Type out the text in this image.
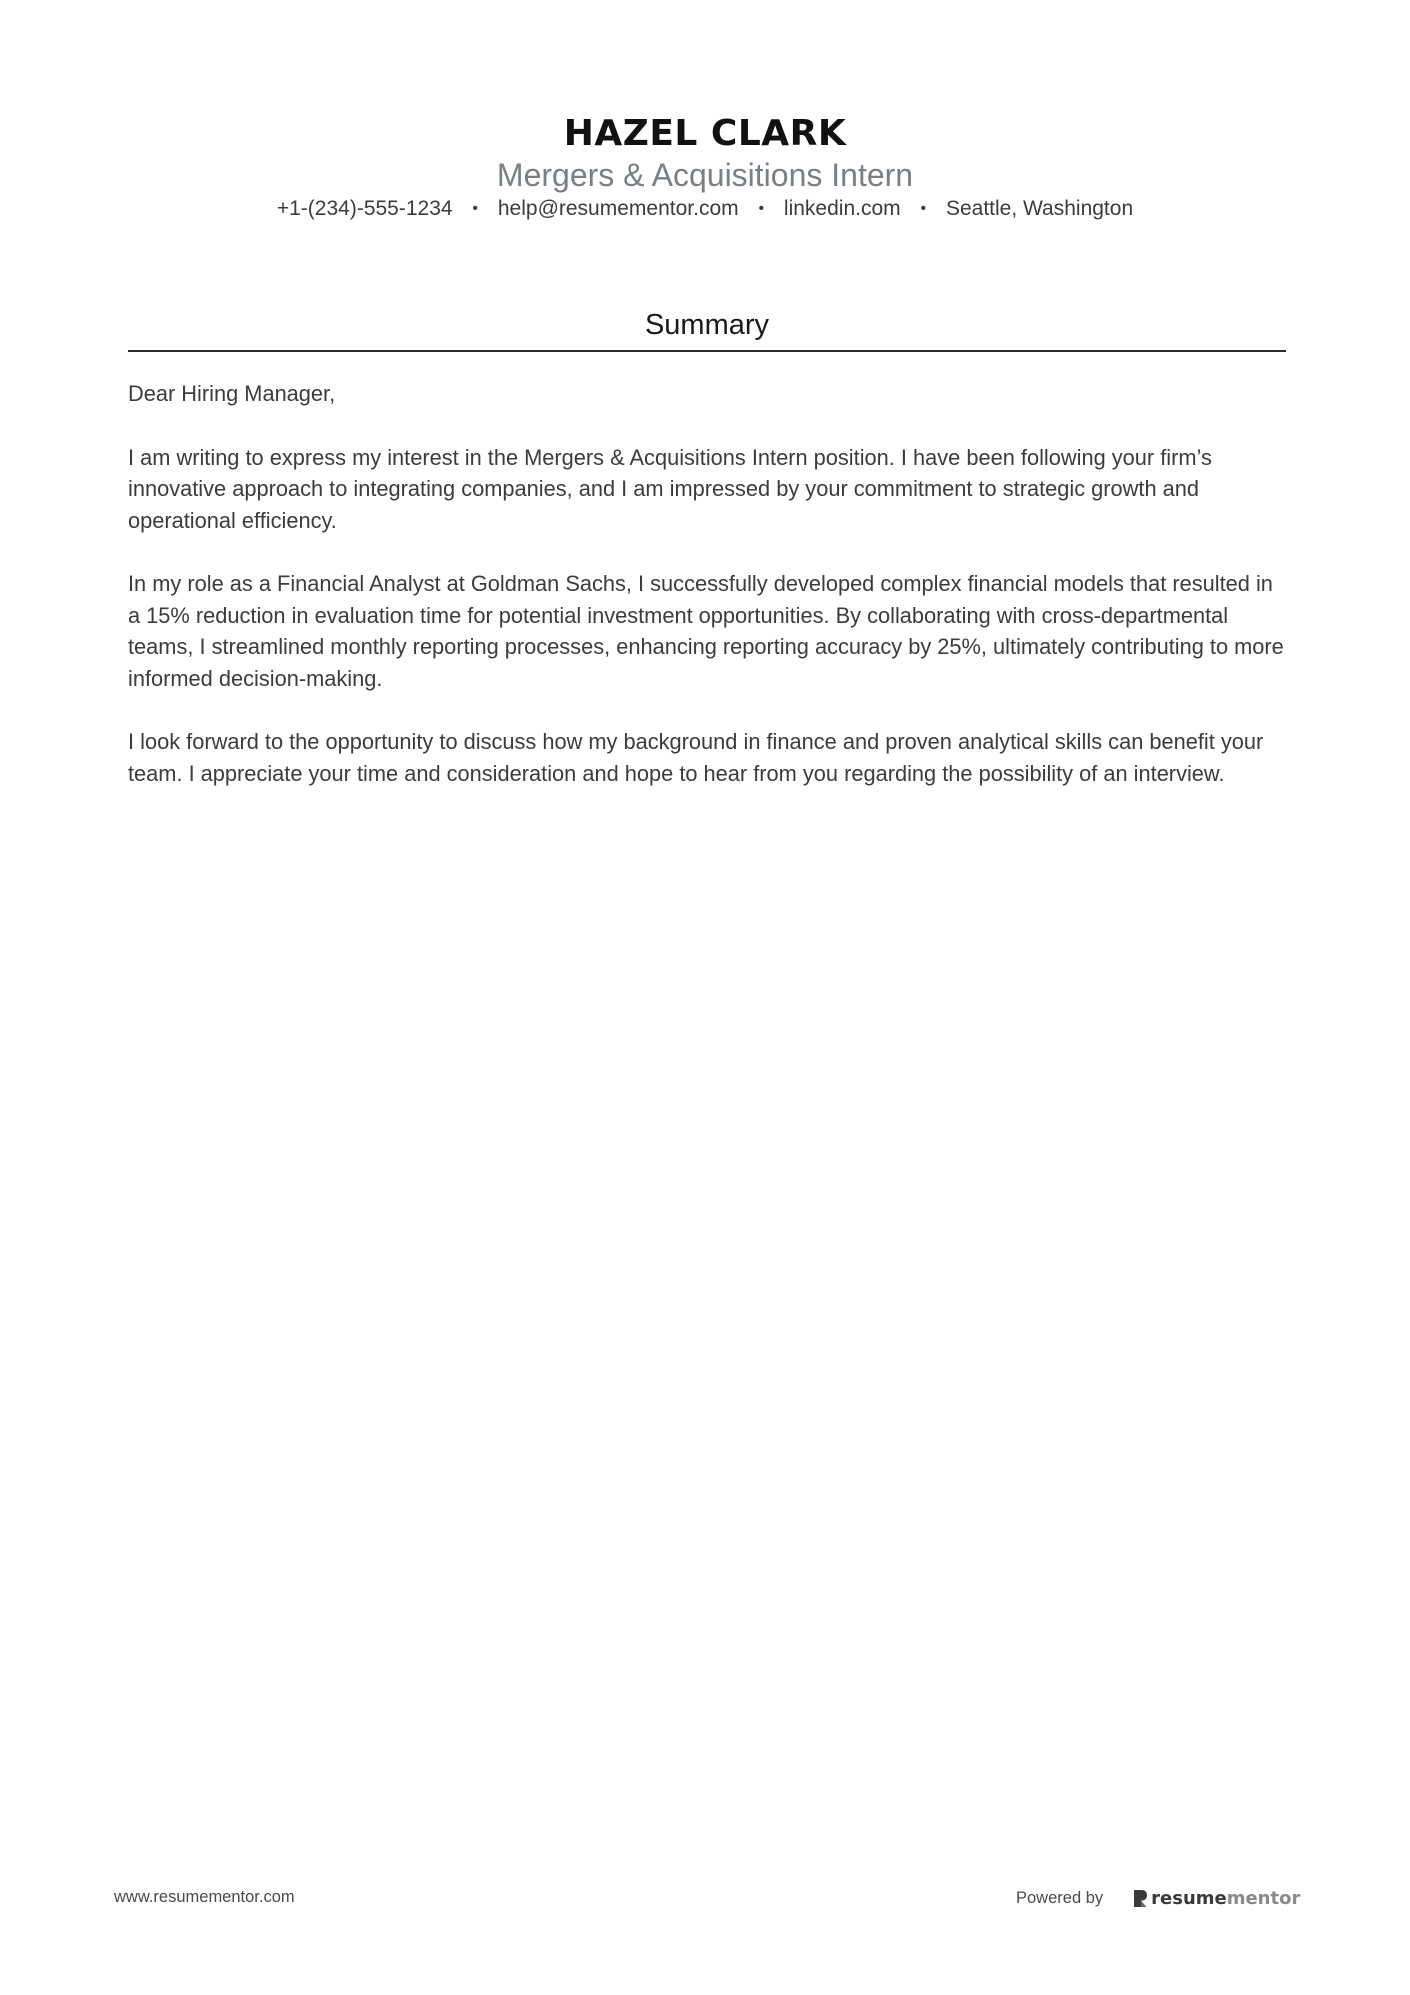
HAZEL CLARK
Mergers & Acquisitions Intern
+1-(234)-555-1234 • help@resumementor.com • linkedin.com • Seattle, Washington
Summary

Dear Hiring Manager,

I am writing to express my interest in the Mergers & Acquisitions Intern position. I have been following your firm’s innovative approach to integrating companies, and I am impressed by your commitment to strategic growth and operational efficiency.

In my role as a Financial Analyst at Goldman Sachs, I successfully developed complex financial models that resulted in a 15% reduction in evaluation time for potential investment opportunities. By collaborating with cross-departmental teams, I streamlined monthly reporting processes, enhancing reporting accuracy by 25%, ultimately contributing to more informed decision-making.

I look forward to the opportunity to discuss how my background in finance and proven analytical skills can benefit your team. I appreciate your time and consideration and hope to hear from you regarding the possibility of an interview.

www.resumementor.com	Powered by	resume mentor
